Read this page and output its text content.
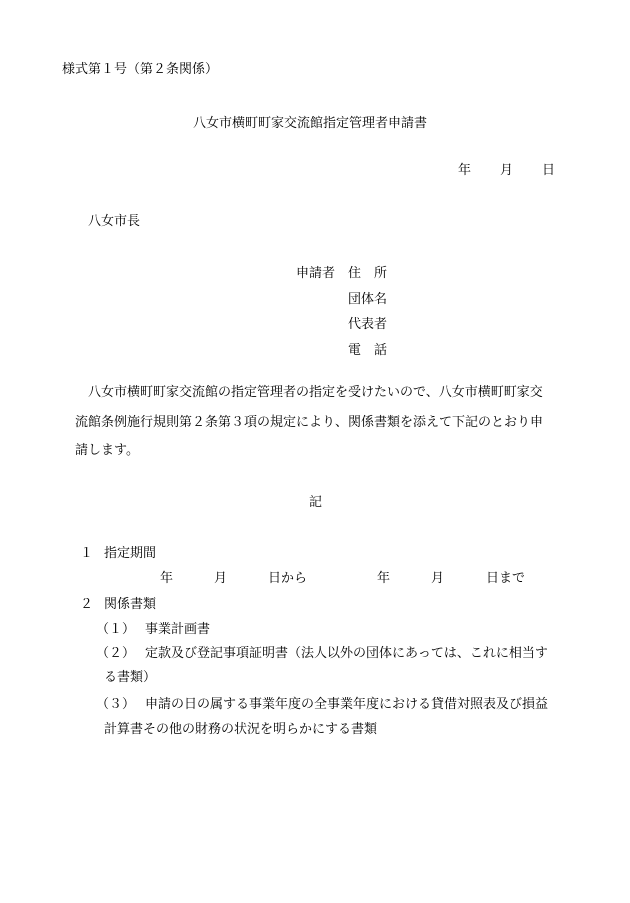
様式第１号（第２条関係）
八女市横町町家交流館指定管理者申請書
年 月 日
八女市長
申請者 住　所
団体名
代表者
電　話
八女市横町町家交流館の指定管理者の指定を受けたいので、八女市横町町家交
流館条例施行規則第２条第３項の規定により、関係書類を添えて下記のとおり申
請します。
記
１ 指定期間
年	月	日から	年	月	日まで
２ 関係書類
（１） 事業計画書
（２） 定款及び登記事項証明書（法人以外の団体にあっては、これに相当す
る書類）
（３） 申請の日の属する事業年度の全事業年度における貸借対照表及び損益
計算書その他の財務の状況を明らかにする書類
